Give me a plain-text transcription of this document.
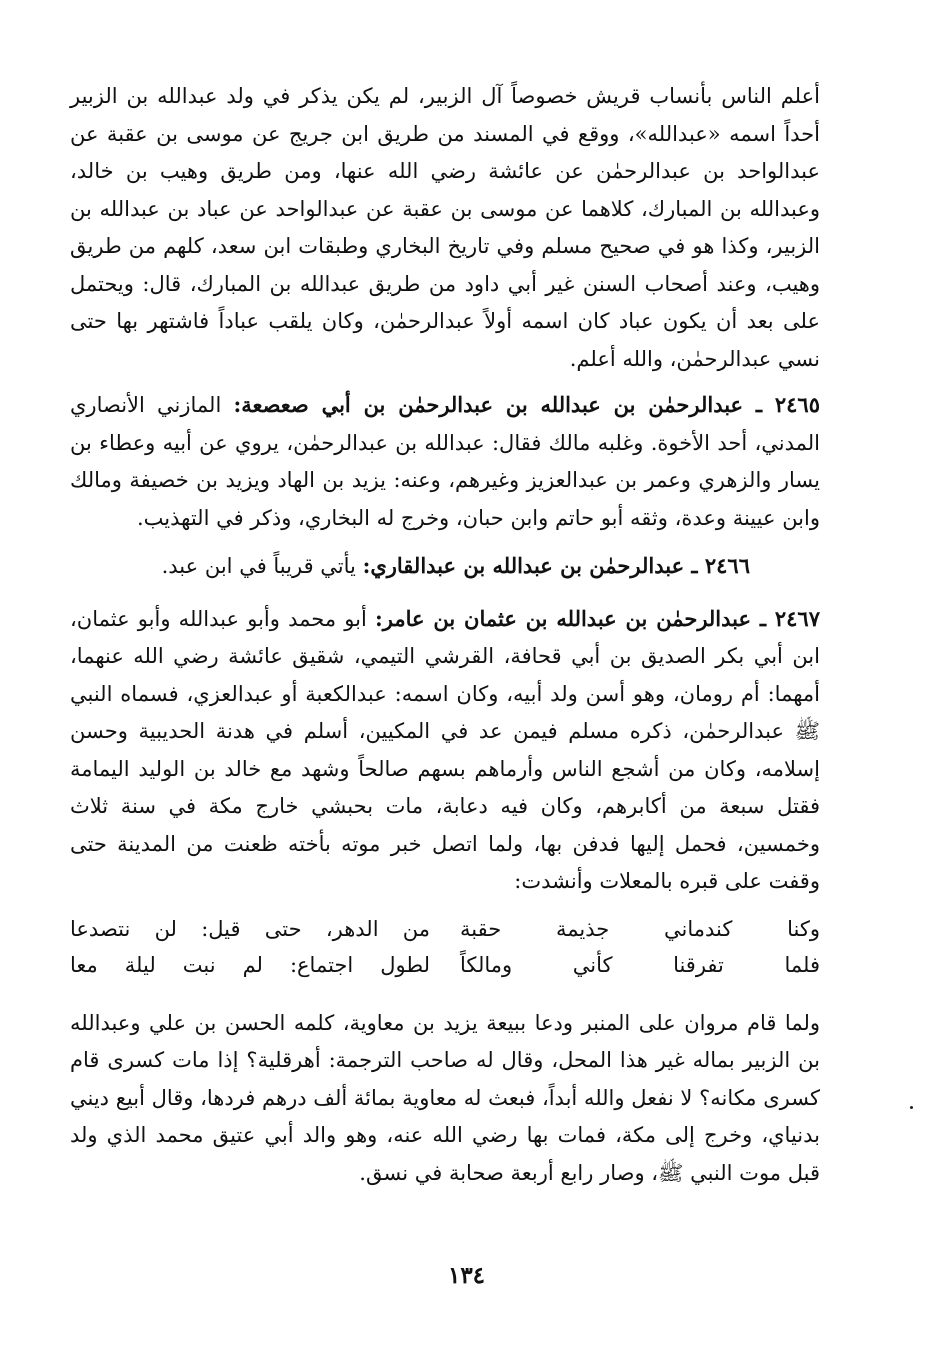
أعلم الناس بأنساب قريش خصوصاً آل الزبير، لم يكن يذكر في ولد عبدالله بن الزبير أحداً اسمه «عبدالله»، ووقع في المسند من طريق ابن جريج عن موسى بن عقبة عن عبدالواحد بن عبدالرحمٰن عن عائشة رضي الله عنها، ومن طريق وهيب بن خالد، وعبدالله بن المبارك، كلاهما عن موسى بن عقبة عن عبدالواحد عن عباد بن عبدالله بن الزبير، وكذا هو في صحيح مسلم وفي تاريخ البخاري وطبقات ابن سعد، كلهم من طريق وهيب، وعند أصحاب السنن غير أبي داود من طريق عبدالله بن المبارك، قال: ويحتمل على بعد أن يكون عباد كان اسمه أولاً عبدالرحمٰن، وكان يلقب عباداً فاشتهر بها حتى نسي عبدالرحمٰن، والله أعلم.

٢٤٦٥ ـ عبدالرحمٰن بن عبدالله بن عبدالرحمٰن بن أبي صعصعة: المازني الأنصاري المدني، أحد الأخوة. وغلبه مالك فقال: عبدالله بن عبدالرحمٰن، يروي عن أبيه وعطاء بن يسار والزهري وعمر بن عبدالعزيز وغيرهم، وعنه: يزيد بن الهاد ويزيد بن خصيفة ومالك وابن عيينة وعدة، وثقه أبو حاتم وابن حبان، وخرج له البخاري، وذكر في التهذيب.

٢٤٦٦ ـ عبدالرحمٰن بن عبدالله بن عبدالقاري: يأتي قريباً في ابن عبد.

٢٤٦٧ ـ عبدالرحمٰن بن عبدالله بن عثمان بن عامر: أبو محمد وأبو عبدالله وأبو عثمان، ابن أبي بكر الصديق بن أبي قحافة، القرشي التيمي، شقيق عائشة رضي الله عنهما، أمهما: أم رومان، وهو أسن ولد أبيه، وكان اسمه: عبدالكعبة أو عبدالعزي، فسماه النبي ﷺ عبدالرحمٰن، ذكره مسلم فيمن عد في المكيين، أسلم في هدنة الحديبية وحسن إسلامه، وكان من أشجع الناس وأرماهم بسهم صالحاً وشهد مع خالد بن الوليد اليمامة فقتل سبعة من أكابرهم، وكان فيه دعابة، مات بحبشي خارج مكة في سنة ثلاث وخمسين، فحمل إليها فدفن بها، ولما اتصل خبر موته بأخته ظعنت من المدينة حتى وقفت على قبره بالمعلات وأنشدت:

وكنا كندماني جذيمة حقبة
من الدهر، حتى قيل: لن نتصدعا
فلما تفرقنا كأني ومالكاً
لطول اجتماع: لم نبت ليلة معا

ولما قام مروان على المنبر ودعا ببيعة يزيد بن معاوية، كلمه الحسن بن علي وعبدالله بن الزبير بماله غير هذا المحل، وقال له صاحب الترجمة: أهرقلية؟ إذا مات كسرى قام كسرى مكانه؟ لا نفعل والله أبداً، فبعث له معاوية بمائة ألف درهم فردها، وقال أبيع ديني بدنياي، وخرج إلى مكة، فمات بها رضي الله عنه، وهو والد أبي عتيق محمد الذي ولد قبل موت النبي ﷺ، وصار رابع أربعة صحابة في نسق.

١٣٤
